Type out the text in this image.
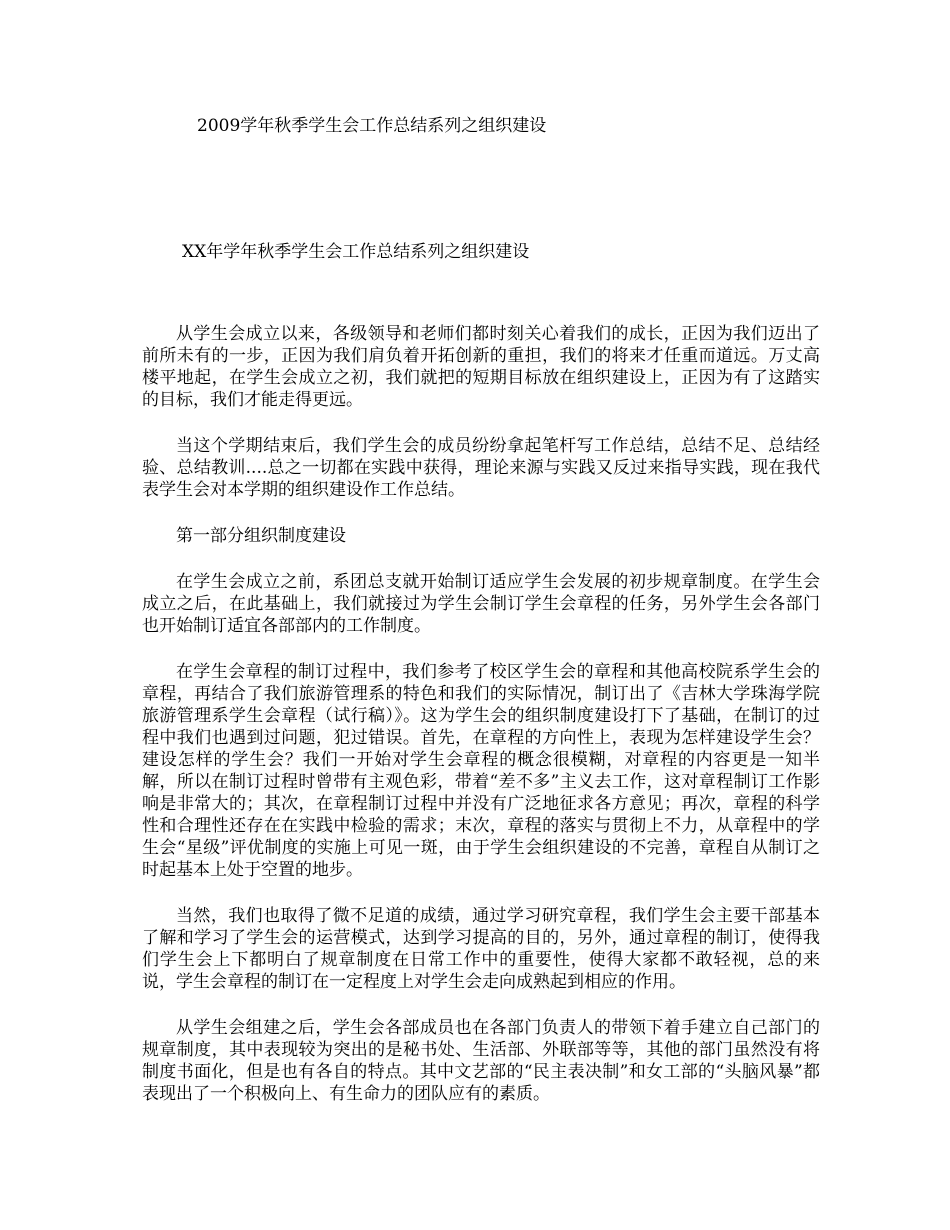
2009学年秋季学生会工作总结系列之组织建设
XX年学年秋季学生会工作总结系列之组织建设

从学生会成立以来，各级领导和老师们都时刻关心着我们的成长，正因为我们迈出了前所未有的一步，正因为我们肩负着开拓创新的重担，我们的将来才任重而道远。万丈高楼平地起，在学生会成立之初，我们就把的短期目标放在组织建设上，正因为有了这踏实的目标，我们才能走得更远。

当这个学期结束后，我们学生会的成员纷纷拿起笔杆写工作总结，总结不足、总结经验、总结教训....总之一切都在实践中获得，理论来源与实践又反过来指导实践，现在我代表学生会对本学期的组织建设作工作总结。

第一部分组织制度建设

在学生会成立之前，系团总支就开始制订适应学生会发展的初步规章制度。在学生会成立之后，在此基础上，我们就接过为学生会制订学生会章程的任务，另外学生会各部门也开始制订适宜各部部内的工作制度。

在学生会章程的制订过程中，我们参考了校区学生会的章程和其他高校院系学生会的章程，再结合了我们旅游管理系的特色和我们的实际情况，制订出了《吉林大学珠海学院旅游管理系学生会章程（试行稿）》。这为学生会的组织制度建设打下了基础，在制订的过程中我们也遇到过问题，犯过错误。首先，在章程的方向性上，表现为怎样建设学生会？建设怎样的学生会？我们一开始对学生会章程的概念很模糊，对章程的内容更是一知半解，所以在制订过程时曾带有主观色彩，带着“差不多”主义去工作，这对章程制订工作影响是非常大的；其次，在章程制订过程中并没有广泛地征求各方意见；再次，章程的科学性和合理性还存在在实践中检验的需求；末次，章程的落实与贯彻上不力，从章程中的学生会“星级”评优制度的实施上可见一斑，由于学生会组织建设的不完善，章程自从制订之时起基本上处于空置的地步。

当然，我们也取得了微不足道的成绩，通过学习研究章程，我们学生会主要干部基本了解和学习了学生会的运营模式，达到学习提高的目的，另外，通过章程的制订，使得我们学生会上下都明白了规章制度在日常工作中的重要性，使得大家都不敢轻视，总的来说，学生会章程的制订在一定程度上对学生会走向成熟起到相应的作用。

从学生会组建之后，学生会各部成员也在各部门负责人的带领下着手建立自己部门的规章制度，其中表现较为突出的是秘书处、生活部、外联部等等，其他的部门虽然没有将制度书面化，但是也有各自的特点。其中文艺部的“民主表决制”和女工部的“头脑风暴”都表现出了一个积极向上、有生命力的团队应有的素质。
